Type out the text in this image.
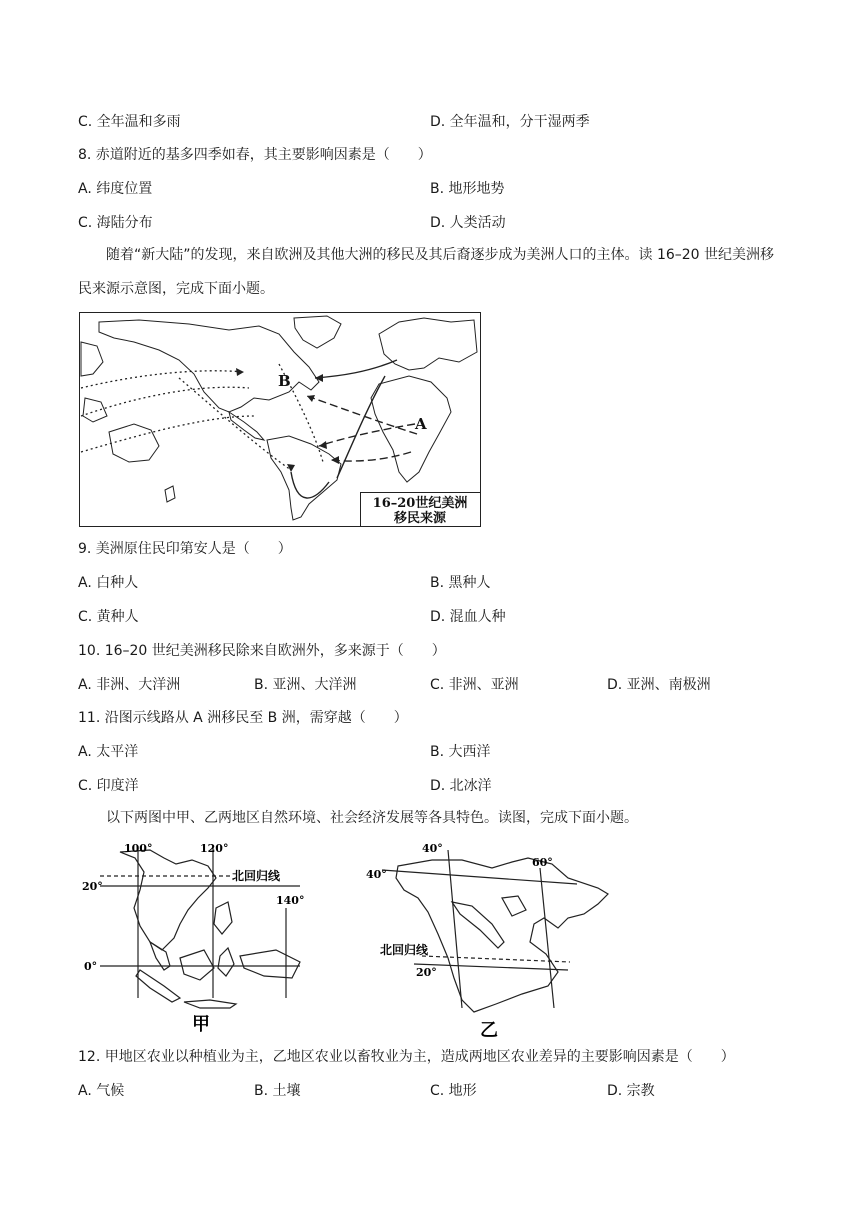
C. 全年温和多雨	D. 全年温和，分干湿两季
8. 赤道附近的基多四季如春，其主要影响因素是（　　）
A. 纬度位置	B. 地形地势
C. 海陆分布	D. 人类活动
随着“新大陆”的发现，来自欧洲及其他大洲的移民及其后裔逐步成为美洲人口的主体。读 16–20 世纪美洲移民来源示意图，完成下面小题。
B
A
16–20世纪美洲
移民来源
9. 美洲原住民印第安人是（　　）
A. 白种人	B. 黑种人
C. 黄种人	D. 混血人种
10. 16–20 世纪美洲移民除来自欧洲外，多来源于（　　）
A. 非洲、大洋洲	B. 亚洲、大洋洲	C. 非洲、亚洲	D. 亚洲、南极洲
11. 沿图示线路从 A 洲移民至 B 洲，需穿越（　　）
A. 太平洋	B. 大西洋
C. 印度洋	D. 北冰洋
以下两图中甲、乙两地区自然环境、社会经济发展等各具特色。读图，完成下面小题。
100°	120°
140°
20°
0°
北回归线
甲
40°
60°
40°
20°
北回归线
乙
12. 甲地区农业以种植业为主，乙地区农业以畜牧业为主，造成两地区农业差异的主要影响因素是（　　）
A. 气候	B. 土壤	C. 地形	D. 宗教
